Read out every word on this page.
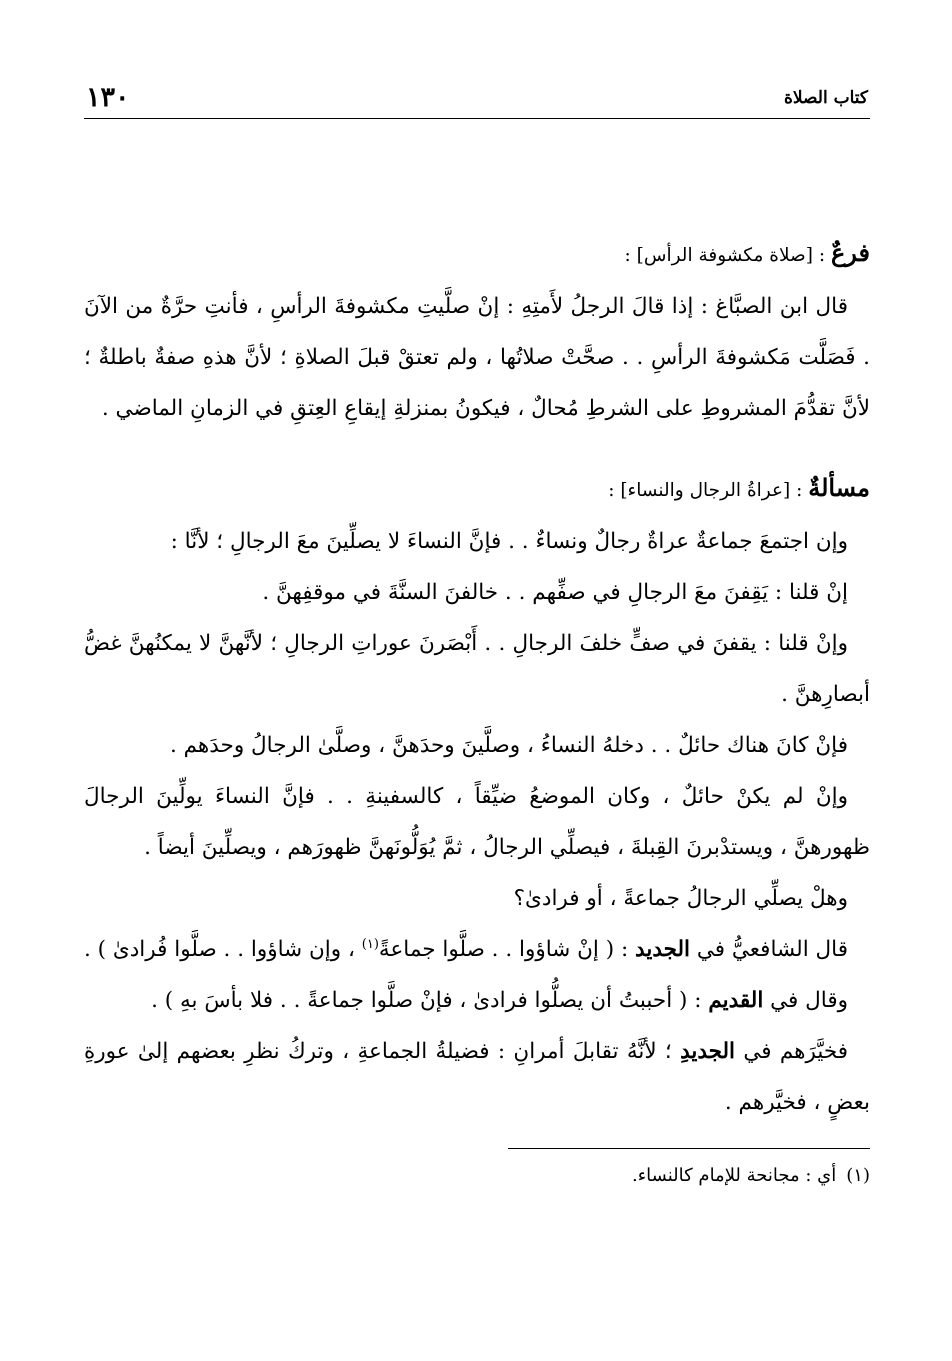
١٣٠	كتاب الصلاة

فرعٌ : [صلاة مكشوفة الرأس] :

قال ابن الصبَّاغ : إذا قالَ الرجلُ لأَمتِهِ : إنْ صلَّيتِ مكشوفةَ الرأسِ ، فأنتِ حرَّةٌ من الآنَ . فَصَلَّت مَكشوفةَ الرأسِ . . صحَّتْ صلاتُها ، ولم تعتقْ قبلَ الصلاةِ ؛ لأنَّ هذهِ صفةٌ باطلةٌ ؛ لأنَّ تقدُّمَ المشروطِ على الشرطِ مُحالٌ ، فيكونُ بمنزلةِ إيقاعِ العِتقِ في الزمانِ الماضي .

مسألةٌ : [عراةُ الرجال والنساء] :

وإن اجتمعَ جماعةٌ عراةٌ رجالٌ ونساءٌ . . فإنَّ النساءَ لا يصلِّينَ معَ الرجالِ ؛ لأنَّا :

إنْ قلنا : يَقِفنَ معَ الرجالِ في صفِّهم . . خالفنَ السنَّةَ في موقفِهنَّ .

وإنْ قلنا : يقفنَ في صفٍّ خلفَ الرجالِ . . أَبْصَرنَ عوراتِ الرجالِ ؛ لأنَّهنَّ لا يمكنُهنَّ غضُّ أبصارِهنَّ .

فإنْ كانَ هناك حائلٌ . . دخلهُ النساءُ ، وصلَّينَ وحدَهنَّ ، وصلَّىٰ الرجالُ وحدَهم .

وإنْ لم يكنْ حائلٌ ، وكان الموضعُ ضيِّقاً ، كالسفينةِ . . فإنَّ النساءَ يولِّينَ الرجالَ ظهورهنَّ ، ويستدْبرنَ القِبلةَ ، فيصلِّي الرجالُ ، ثمَّ يُوَلُّونَهنَّ ظهورَهم ، ويصلِّينَ أيضاً .

وهلْ يصلِّي الرجالُ جماعةً ، أو فرادىٰ؟

قال الشافعيُّ في الجديد : ( إنْ شاؤوا . . صلَّوا جماعةً$^{(١)}$ ، وإن شاؤوا . . صلَّوا فُرادىٰ ) .

وقال في القديم : ( أحببتُ أن يصلُّوا فرادىٰ ، فإنْ صلَّوا جماعةً . . فلا بأسَ بهِ ) .

فخيَّرَهم في الجديدِ ؛ لأنَّهُ تقابلَ أمرانِ : فضيلةُ الجماعةِ ، وتركُ نظرِ بعضهم إلىٰ عورةِ بعضٍ ، فخيَّرهم .

(١)أي : مجانحة للإمام كالنساء.
